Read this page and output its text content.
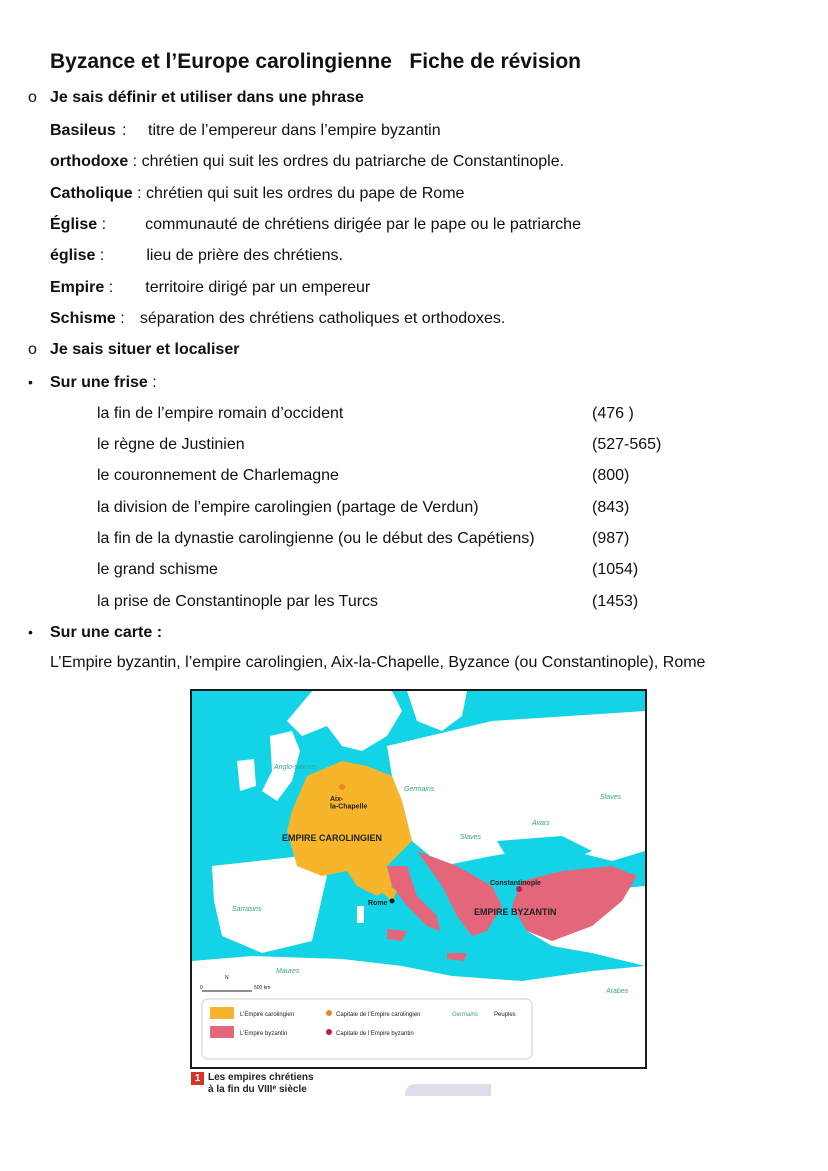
Byzance et l’Europe carolingienne   Fiche de révision
o Je sais définir et utiliser dans une phrase
Basileus : titre de l’empereur dans l’empire byzantin
orthodoxe : chrétien qui suit les ordres du patriarche de Constantinople.
Catholique : chrétien qui suit les ordres du pape de Rome
Église : communauté de chrétiens dirigée par le pape ou le patriarche
église :	lieu de prière des chrétiens.
Empire : territoire dirigé par un empereur
Schisme : séparation des chrétiens catholiques et orthodoxes.
o Je sais situer et localiser
• Sur une frise :
la fin de l’empire romain d’occident	(476 )
le règne de Justinien	(527-565)
le couronnement de Charlemagne	(800)
la division de l’empire carolingien (partage de Verdun)	(843)
la fin de la dynastie carolingienne (ou le début des Capétiens)	(987)
le grand schisme	(1054)
la prise de Constantinople par les Turcs	(1453)
• Sur une carte :
L’Empire byzantin, l’empire carolingien, Aix-la-Chapelle, Byzance (ou Constantinople), Rome
EMPIRE CAROLINGIEN
EMPIRE BYZANTIN
Aix-la-Chapelle
Rome
Constantinople
Anglo-saxons
Germains
Slaves
Slaves
Avars
Sarrasins
Maures
Arabes
N
0	500 km
L’Empire carolingien	Capitale de l’Empire carolingien	Germains	Peuples
L’Empire byzantin	Capitale de l’Empire byzantin
1 Les empires chrétiens
à la fin du VIIIᵉ siècle
